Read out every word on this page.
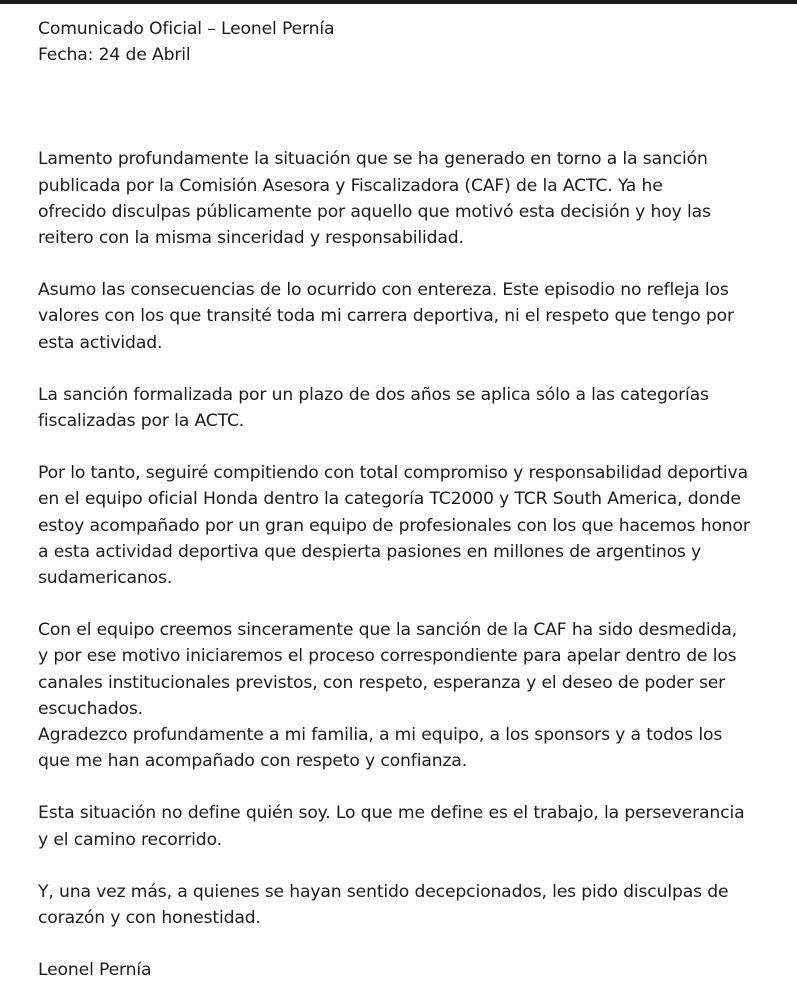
Comunicado Oficial – Leonel Pernía

Fecha: 24 de Abril

Lamento profundamente la situación que se ha generado en torno a la sanción
publicada por la Comisión Asesora y Fiscalizadora (CAF) de la ACTC. Ya he
ofrecido disculpas públicamente por aquello que motivó esta decisión y hoy las
reitero con la misma sinceridad y responsabilidad.

Asumo las consecuencias de lo ocurrido con entereza. Este episodio no refleja los
valores con los que transité toda mi carrera deportiva, ni el respeto que tengo por
esta actividad.

La sanción formalizada por un plazo de dos años se aplica sólo a las categorías
fiscalizadas por la ACTC.

Por lo tanto, seguiré compitiendo con total compromiso y responsabilidad deportiva
en el equipo oficial Honda dentro la categoría TC2000 y TCR South America, donde
estoy acompañado por un gran equipo de profesionales con los que hacemos honor
a esta actividad deportiva que despierta pasiones en millones de argentinos y
sudamericanos.

Con el equipo creemos sinceramente que la sanción de la CAF ha sido desmedida,
y por ese motivo iniciaremos el proceso correspondiente para apelar dentro de los
canales institucionales previstos, con respeto, esperanza y el deseo de poder ser
escuchados.
Agradezco profundamente a mi familia, a mi equipo, a los sponsors y a todos los
que me han acompañado con respeto y confianza.

Esta situación no define quién soy. Lo que me define es el trabajo, la perseverancia
y el camino recorrido.

Y, una vez más, a quienes se hayan sentido decepcionados, les pido disculpas de
corazón y con honestidad.

Leonel Pernía
